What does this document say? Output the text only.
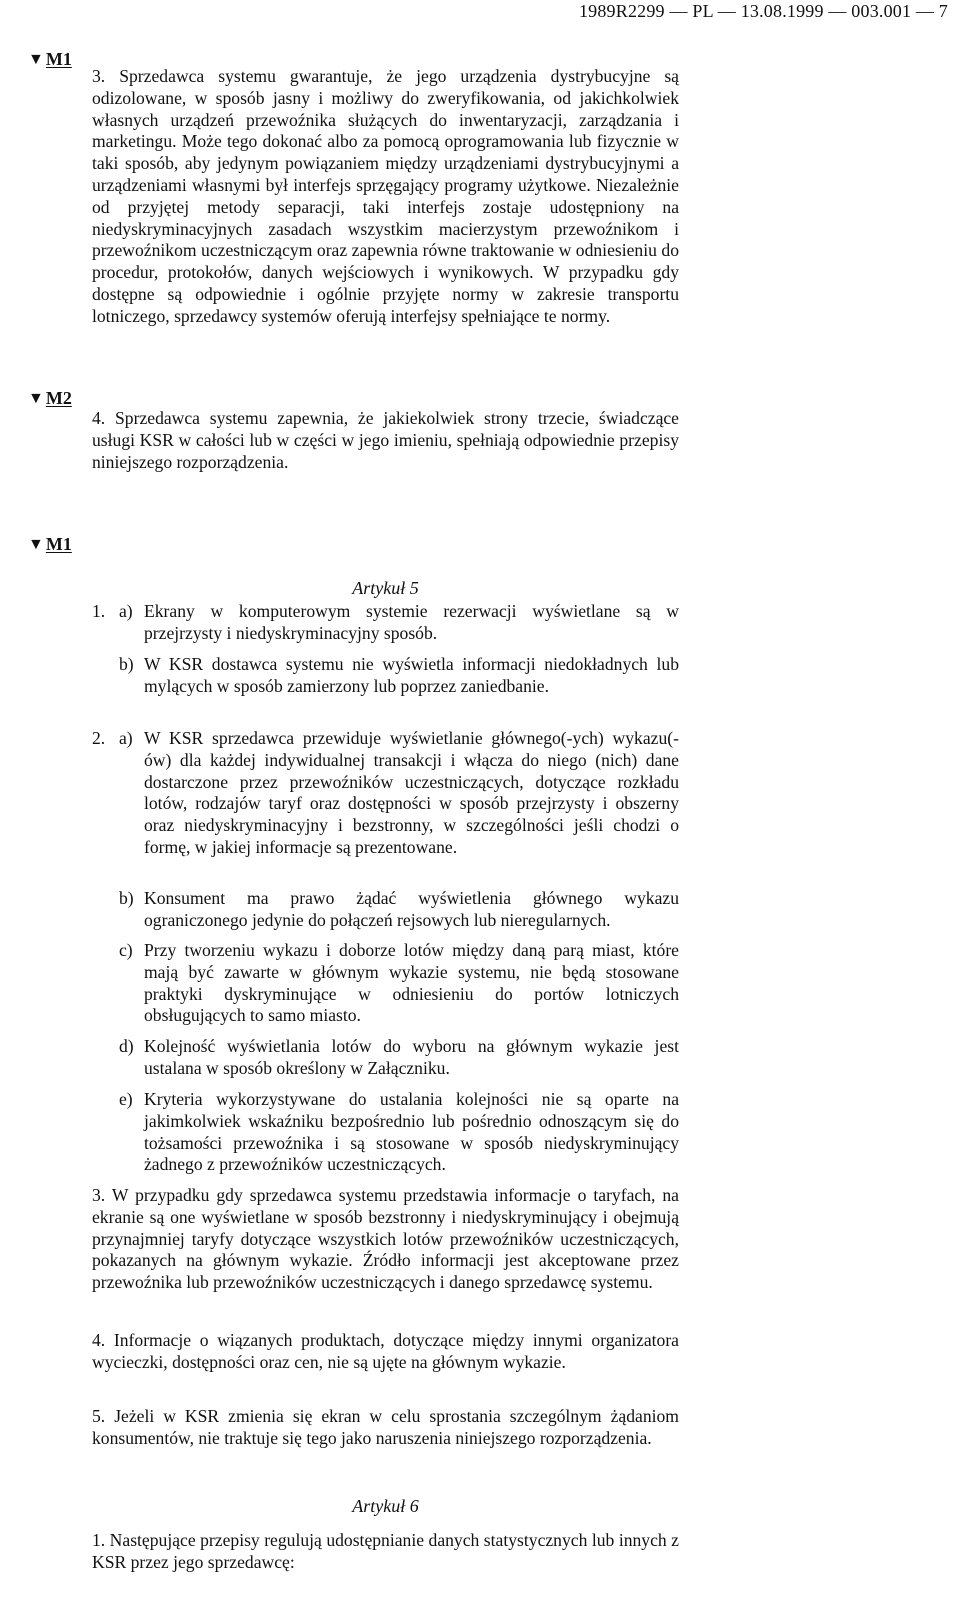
1989R2299 — PL — 13.08.1999 — 003.001 — 7
▼ M1
▼ M2
▼ M1

3. Sprzedawca systemu gwarantuje, że jego urządzenia dystrybucyjne są odizolowane, w sposób jasny i możliwy do zweryfikowania, od jakichkolwiek własnych urządzeń przewoźnika służących do inwentaryzacji, zarządzania i marketingu. Może tego dokonać albo za pomocą oprogramowania lub fizycznie w taki sposób, aby jedynym powiązaniem między urządzeniami dystrybucyjnymi a urządzeniami własnymi był interfejs sprzęgający programy użytkowe. Niezależnie od przyjętej metody separacji, taki interfejs zostaje udostępniony na niedyskryminacyjnych zasadach wszystkim macierzystym przewoźnikom i przewoźnikom uczestniczącym oraz zapewnia równe traktowanie w odniesieniu do procedur, protokołów, danych wejściowych i wynikowych. W przypadku gdy dostępne są odpowiednie i ogólnie przyjęte normy w zakresie transportu lotniczego, sprzedawcy systemów oferują interfejsy spełniające te normy.

4. Sprzedawca systemu zapewnia, że jakiekolwiek strony trzecie, świadczące usługi KSR w całości lub w części w jego imieniu, spełniają odpowiednie przepisy niniejszego rozporządzenia.

Artykuł 5
1. a) Ekrany w komputerowym systemie rezerwacji wyświetlane są w przejrzysty i niedyskryminacyjny sposób.
b) W KSR dostawca systemu nie wyświetla informacji niedokładnych lub mylących w sposób zamierzony lub poprzez zaniedbanie.
2. a) W KSR sprzedawca przewiduje wyświetlanie głównego(-ych) wykazu(-ów) dla każdej indywidualnej transakcji i włącza do niego (nich) dane dostarczone przez przewoźników uczestniczących, dotyczące rozkładu lotów, rodzajów taryf oraz dostępności w sposób przejrzysty i obszerny oraz niedyskryminacyjny i bezstronny, w szczególności jeśli chodzi o formę, w jakiej informacje są prezentowane.
b) Konsument ma prawo żądać wyświetlenia głównego wykazu ograniczonego jedynie do połączeń rejsowych lub nieregularnych.
c) Przy tworzeniu wykazu i doborze lotów między daną parą miast, które mają być zawarte w głównym wykazie systemu, nie będą stosowane praktyki dyskryminujące w odniesieniu do portów lotniczych obsługujących to samo miasto.
d) Kolejność wyświetlania lotów do wyboru na głównym wykazie jest ustalana w sposób określony w Załączniku.
e) Kryteria wykorzystywane do ustalania kolejności nie są oparte na jakimkolwiek wskaźniku bezpośrednio lub pośrednio odnoszącym się do tożsamości przewoźnika i są stosowane w sposób niedyskryminujący żadnego z przewoźników uczestniczących.

3. W przypadku gdy sprzedawca systemu przedstawia informacje o taryfach, na ekranie są one wyświetlane w sposób bezstronny i niedyskryminujący i obejmują przynajmniej taryfy dotyczące wszystkich lotów przewoźników uczestniczących, pokazanych na głównym wykazie. Źródło informacji jest akceptowane przez przewoźnika lub przewoźników uczestniczących i danego sprzedawcę systemu.

4. Informacje o wiązanych produktach, dotyczące między innymi organizatora wycieczki, dostępności oraz cen, nie są ujęte na głównym wykazie.

5. Jeżeli w KSR zmienia się ekran w celu sprostania szczególnym żądaniom konsumentów, nie traktuje się tego jako naruszenia niniejszego rozporządzenia.

Artykuł 6

1. Następujące przepisy regulują udostępnianie danych statystycznych lub innych z KSR przez jego sprzedawcę:
